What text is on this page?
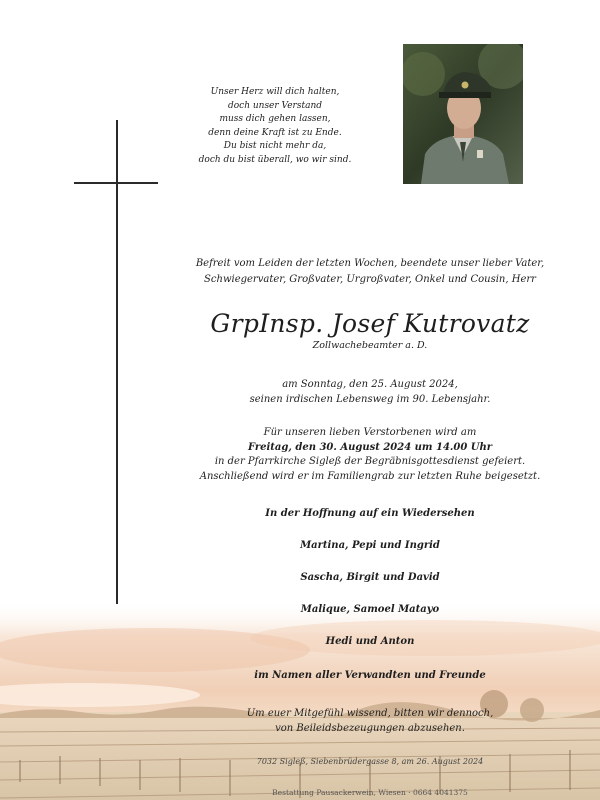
Unser Herz will dich halten,
doch unser Verstand
muss dich gehen lassen,
denn deine Kraft ist zu Ende.
Du bist nicht mehr da,
doch du bist überall, wo wir sind.
Befreit vom Leiden der letzten Wochen, beendete unser lieber Vater,
Schwiegervater, Großvater, Urgroßvater, Onkel und Cousin, Herr
GrpInsp. Josef Kutrovatz
Zollwachebeamter a. D.
am Sonntag, den 25. August 2024,
seinen irdischen Lebensweg im 90. Lebensjahr.
Für unseren lieben Verstorbenen wird am
Freitag, den 30. August 2024 um 14.00 Uhr
in der Pfarrkirche Sigleß der Begräbnisgottesdienst gefeiert.
Anschließend wird er im Familiengrab zur letzten Ruhe beigesetzt.
In der Hoffnung auf ein Wiedersehen
Martina, Pepi und Ingrid
Sascha, Birgit und David
Malique, Samoel Matayo
Hedi und Anton
im Namen aller Verwandten und Freunde
Um euer Mitgefühl wissend, bitten wir dennoch,
von Beileidsbezeugungen abzusehen.
7032 Sigleß, Siebenbrüdergasse 8, am 26. August 2024
Bestattung Pausackerwein, Wiesen · 0664 4041375
